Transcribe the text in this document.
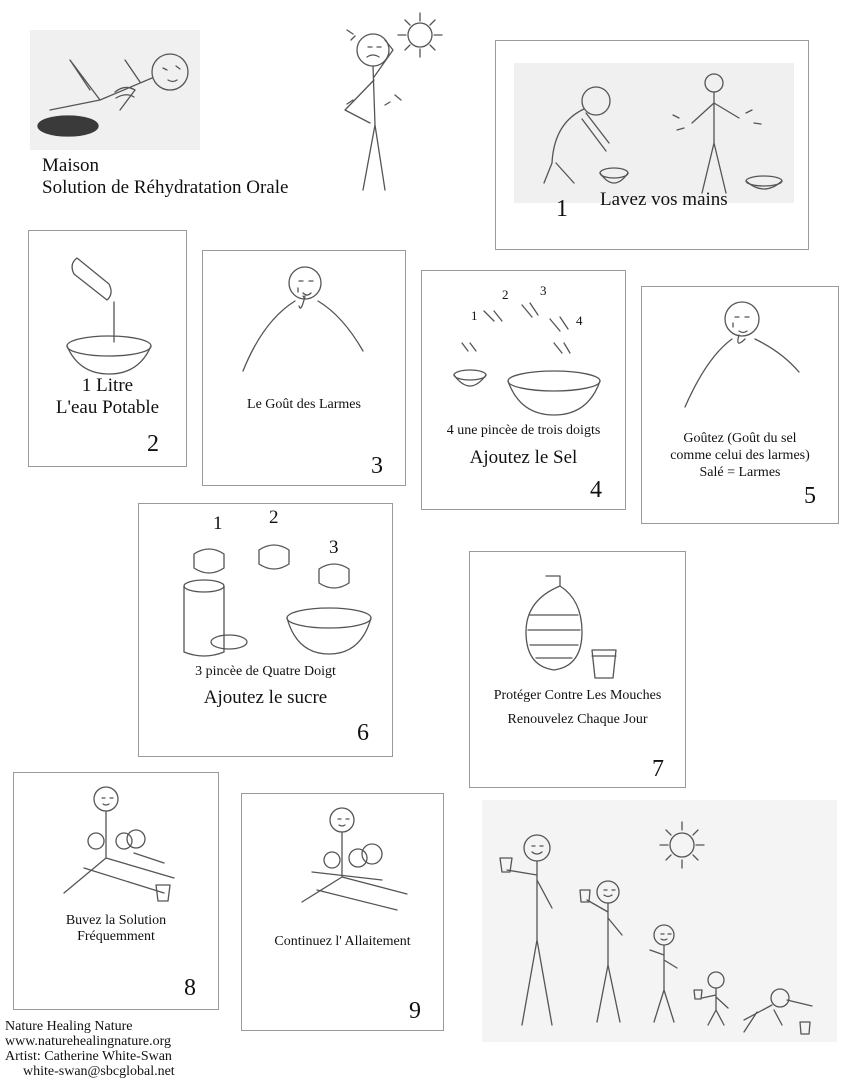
Maison
Solution de Réhydratation Orale
1 Lavez vos mains
1 Litre
L'eau Potable
2
Le Goût des Larmes
3
1
2 3
4
4 une pincèe de trois doigts
Ajoutez le Sel
4
Goûtez (Goût du sel
comme celui des larmes)
Salé = Larmes
5
1 2
3
3 pincèe de Quatre Doigt
Ajoutez le sucre
6
Protéger Contre Les Mouches
Renouvelez Chaque Jour
7
Buvez la Solution
Fréquemment
8
Continuez l' Allaitement
9
Nature Healing Nature
www.naturehealingnature.org
Artist: Catherine White-Swan
white-swan@sbcglobal.net
